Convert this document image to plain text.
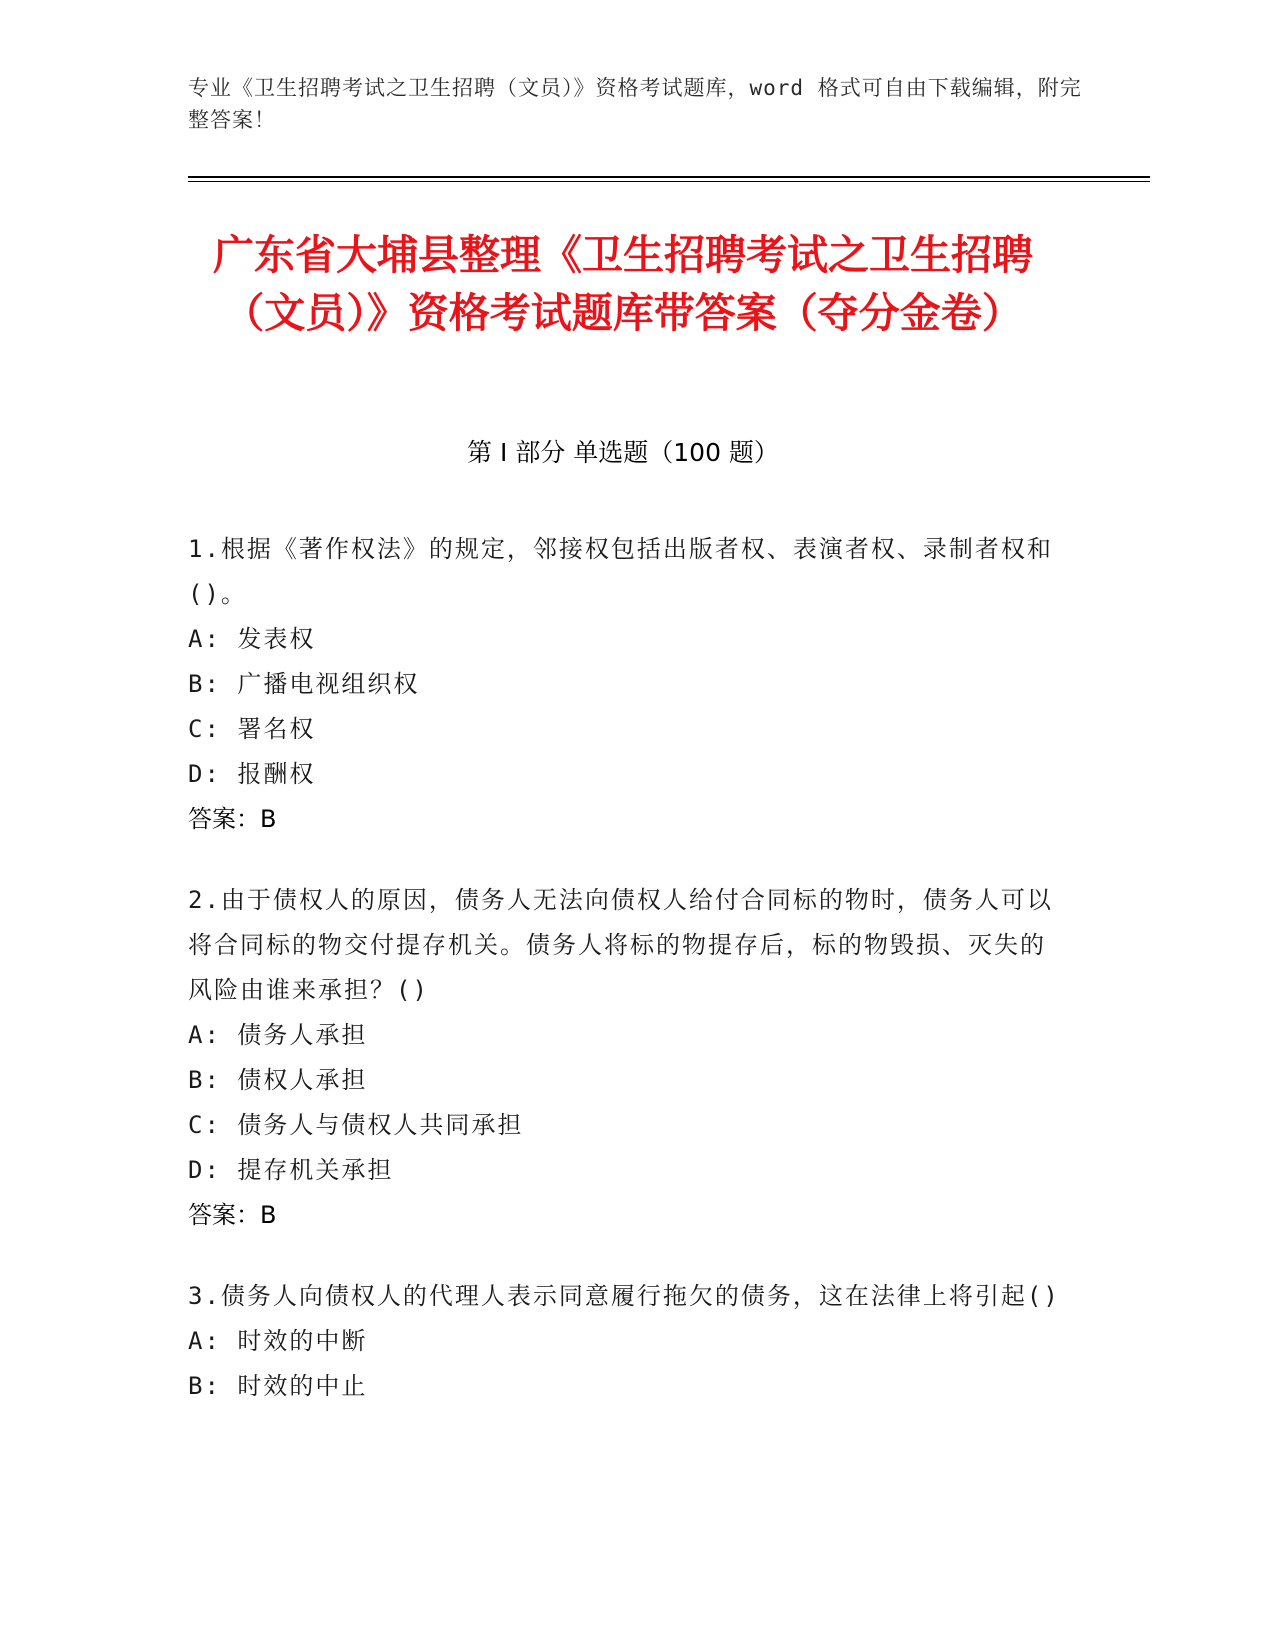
专业《卫生招聘考试之卫生招聘（文员）》资格考试题库，word 格式可自由下载编辑，附完整答案！
广东省大埔县整理《卫生招聘考试之卫生招聘（文员）》资格考试题库带答案（夺分金卷）
第 I 部分 单选题（100 题）
1.根据《著作权法》的规定，邻接权包括出版者权、表演者权、录制者权和()。
A: 发表权
B: 广播电视组织权
C: 署名权
D: 报酬权
答案：B
2.由于债权人的原因，债务人无法向债权人给付合同标的物时，债务人可以将合同标的物交付提存机关。债务人将标的物提存后，标的物毁损、灭失的风险由谁来承担？()
A: 债务人承担
B: 债权人承担
C: 债务人与债权人共同承担
D: 提存机关承担
答案：B
3.债务人向债权人的代理人表示同意履行拖欠的债务，这在法律上将引起()
A: 时效的中断
B: 时效的中止
